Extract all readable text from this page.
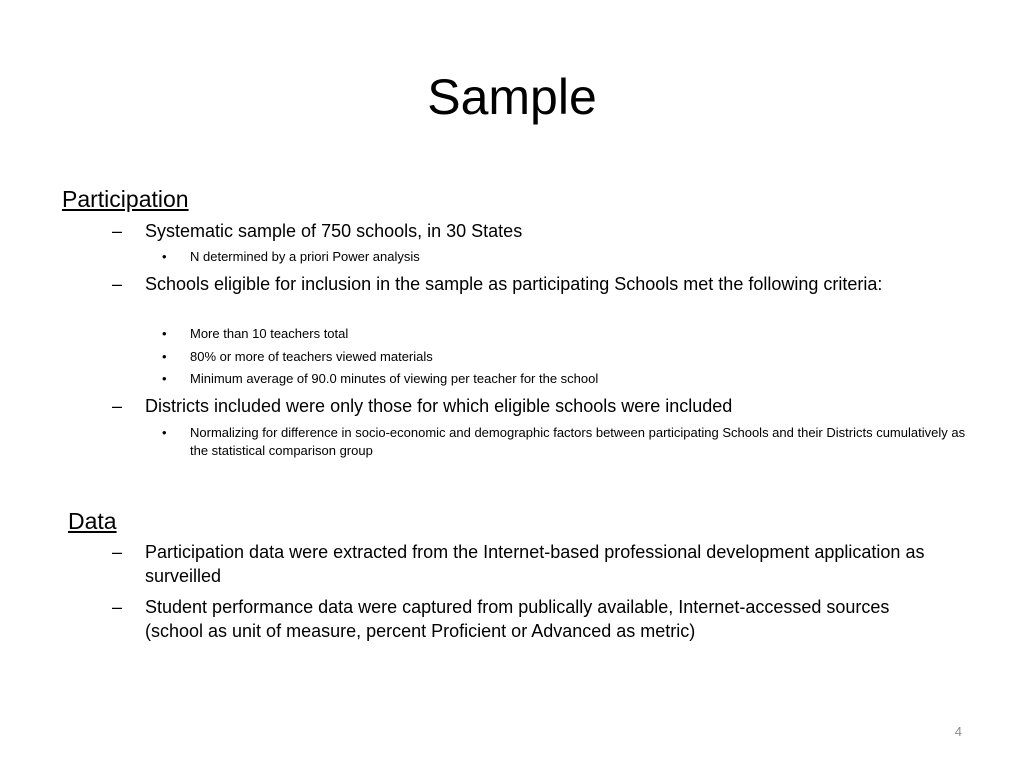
Sample
Participation
– Systematic sample of 750 schools, in 30 States
• N determined by a priori Power analysis
– Schools eligible for inclusion in the sample as participating Schools met the following criteria:
• More than 10 teachers total
• 80% or more of teachers viewed materials
• Minimum average of 90.0 minutes of viewing per teacher for the school
– Districts included were only those for which eligible schools were included
• Normalizing for difference in socio-economic and demographic factors between participating Schools and their Districts cumulatively as the statistical comparison group
Data
– Participation data were extracted from the Internet-based professional development application as surveilled
– Student performance data were captured from publically available, Internet-accessed sources (school as unit of measure, percent Proficient or Advanced as metric)
4
